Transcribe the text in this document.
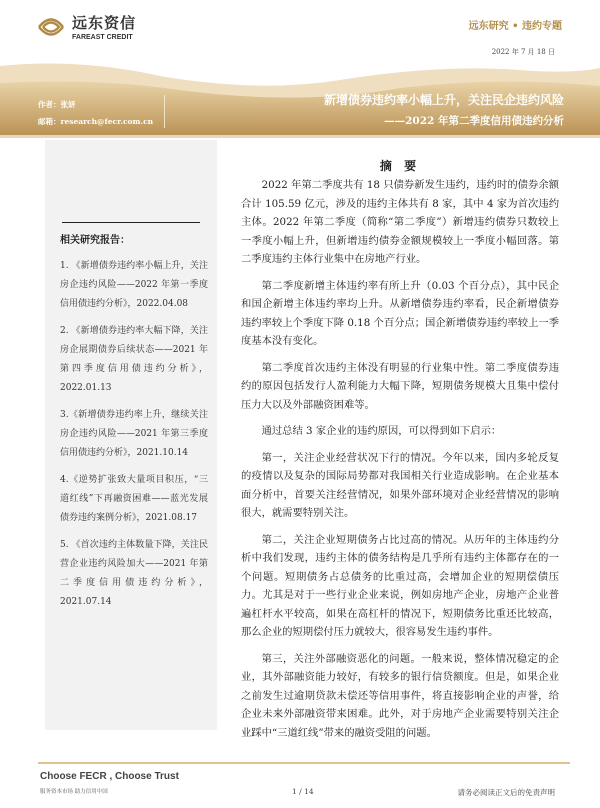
远东资信
FAREAST CREDIT
远东研究 • 违约专题
2022 年 7 月 18 日
作者：张妍
邮箱：research@fecr.com.cn
新增债券违约率小幅上升，关注民企违约风险
——2022 年第二季度信用债违约分析
相关研究报告：
1. 《新增债券违约率小幅上升，关注房企违约风险——2022 年第一季度信用债违约分析》，2022.04.08
2. 《新增债券违约率大幅下降，关注房企展期债券后续状态——2021 年第四季度信用债违约分析》，2022.01.13
3.《新增债券违约率上升，继续关注房企违约风险——2021 年第三季度信用债违约分析》，2021.10.14
4.《逆势扩张致大量项目积压，“三道红线”下再融资困难——蓝光发展债券违约案例分析》，2021.08.17
5. 《首次违约主体数量下降，关注民营企业违约风险加大——2021 年第二季度信用债违约分析》，2021.07.14
摘 要

2022 年第二季度共有 18 只债券新发生违约，违约时的债券余额合计 105.59 亿元，涉及的违约主体共有 8 家，其中 4 家为首次违约主体。2022 年第二季度（简称“第二季度”）新增违约债券只数较上一季度小幅上升，但新增违约债券金额规模较上一季度小幅回落。第二季度违约主体行业集中在房地产行业。

第二季度新增主体违约率有所上升（0.03 个百分点），其中民企和国企新增主体违约率均上升。从新增债券违约率看，民企新增债券违约率较上个季度下降 0.18 个百分点；国企新增债券违约率较上一季度基本没有变化。

第二季度首次违约主体没有明显的行业集中性。第二季度债券违约的原因包括发行人盈利能力大幅下降，短期债务规模大且集中偿付压力大以及外部融资困难等。

通过总结 3 家企业的违约原因，可以得到如下启示：

第一，关注企业经营状况下行的情况。今年以来，国内多轮反复的疫情以及复杂的国际局势都对我国相关行业造成影响。在企业基本面分析中，首要关注经营情况，如果外部环境对企业经营情况的影响很大，就需要特别关注。

第二，关注企业短期债务占比过高的情况。从历年的主体违约分析中我们发现，违约主体的债务结构是几乎所有违约主体都存在的一个问题。短期债务占总债务的比重过高，会增加企业的短期偿债压力。尤其是对于一些行业企业来说，例如房地产企业，房地产企业普遍杠杆水平较高，如果在高杠杆的情况下，短期债务比重还比较高，那么企业的短期偿付压力就较大，很容易发生违约事件。

第三，关注外部融资恶化的问题。一般来说，整体情况稳定的企业，其外部融资能力较好，有较多的银行信贷额度。但是，如果企业之前发生过逾期贷款未偿还等信用事件，将直接影响企业的声誉，给企业未来外部融资带来困难。此外，对于房地产企业需要特别关注企业踩中“三道红线”带来的融资受阻的问题。

Choose FECR , Choose Trust
服务资本市场 助力信用中国	1 / 14	请务必阅读正文后的免责声明
